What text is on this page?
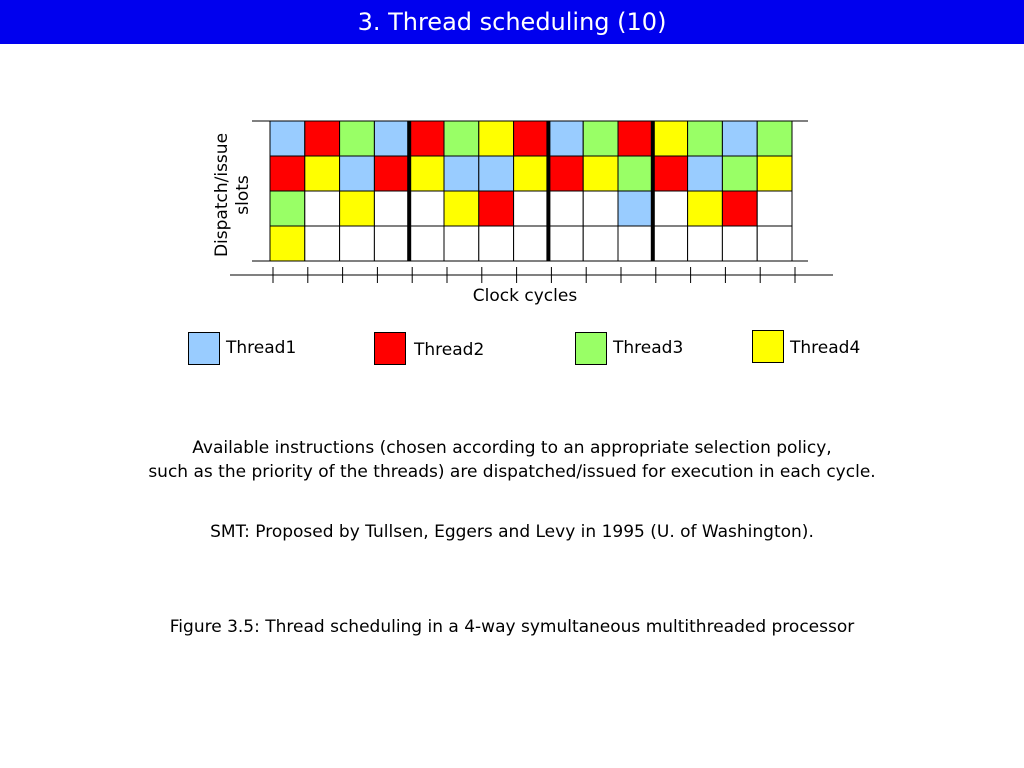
3. Thread scheduling (10)
Dispatch/issue slots
Clock cycles
Thread1	Thread2	Thread3	Thread4
Available instructions (chosen according to an appropriate selection policy,
such as the priority of the threads) are dispatched/issued for execution in each cycle.
SMT: Proposed by Tullsen, Eggers and Levy in 1995 (U. of Washington).
Figure 3.5: Thread scheduling in a 4-way symultaneous multithreaded processor
